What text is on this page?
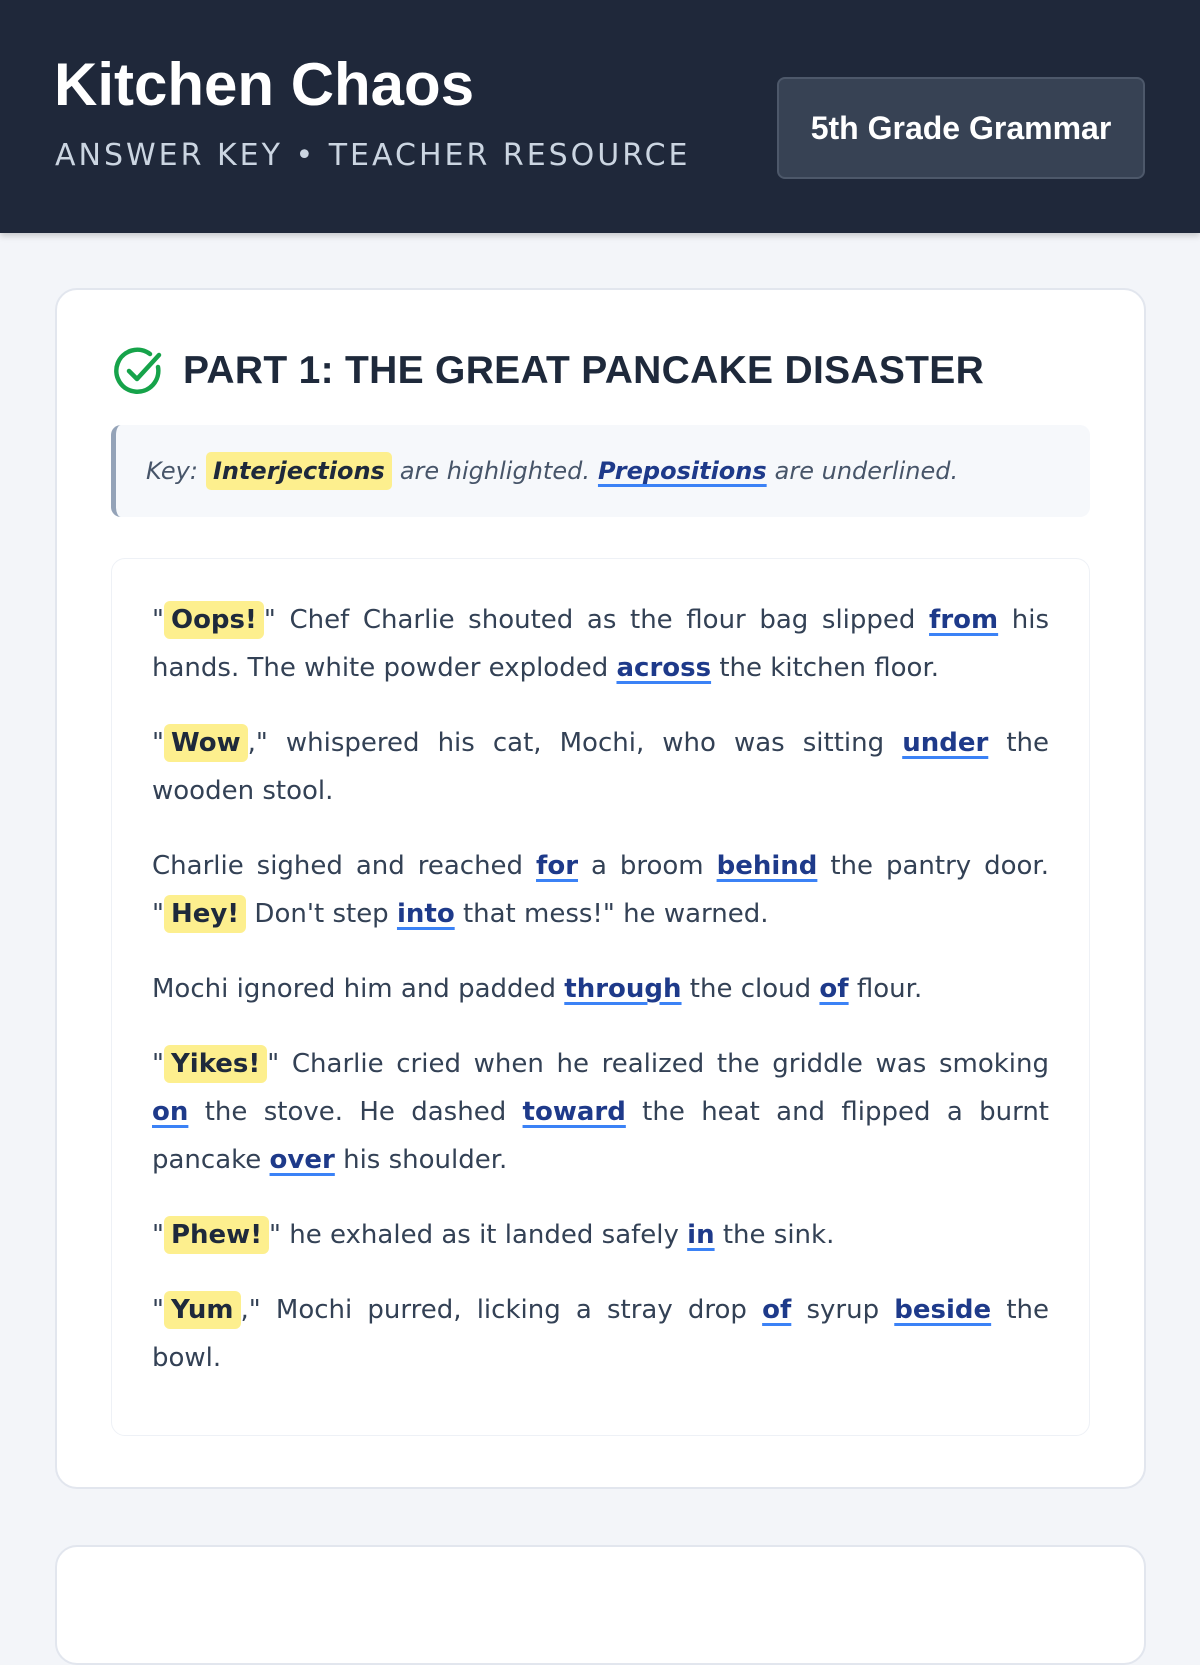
Kitchen Chaos
ANSWER KEY • TEACHER RESOURCE
5th Grade Grammar
PART 1: THE GREAT PANCAKE DISASTER
Key: Interjections are highlighted. Prepositions are underlined.

" Oops! " Chef Charlie shouted as the flour bag slipped from his hands. The white powder exploded across the kitchen floor.

" Wow ," whispered his cat, Mochi, who was sitting under the wooden stool.

Charlie sighed and reached for a broom behind the pantry door. " Hey! Don't step into that mess!" he warned.

Mochi ignored him and padded through the cloud of flour.

" Yikes! " Charlie cried when he realized the griddle was smoking on the stove. He dashed toward the heat and flipped a burnt pancake over his shoulder.

" Phew! " he exhaled as it landed safely in the sink.

" Yum ," Mochi purred, licking a stray drop of syrup beside the bowl.
